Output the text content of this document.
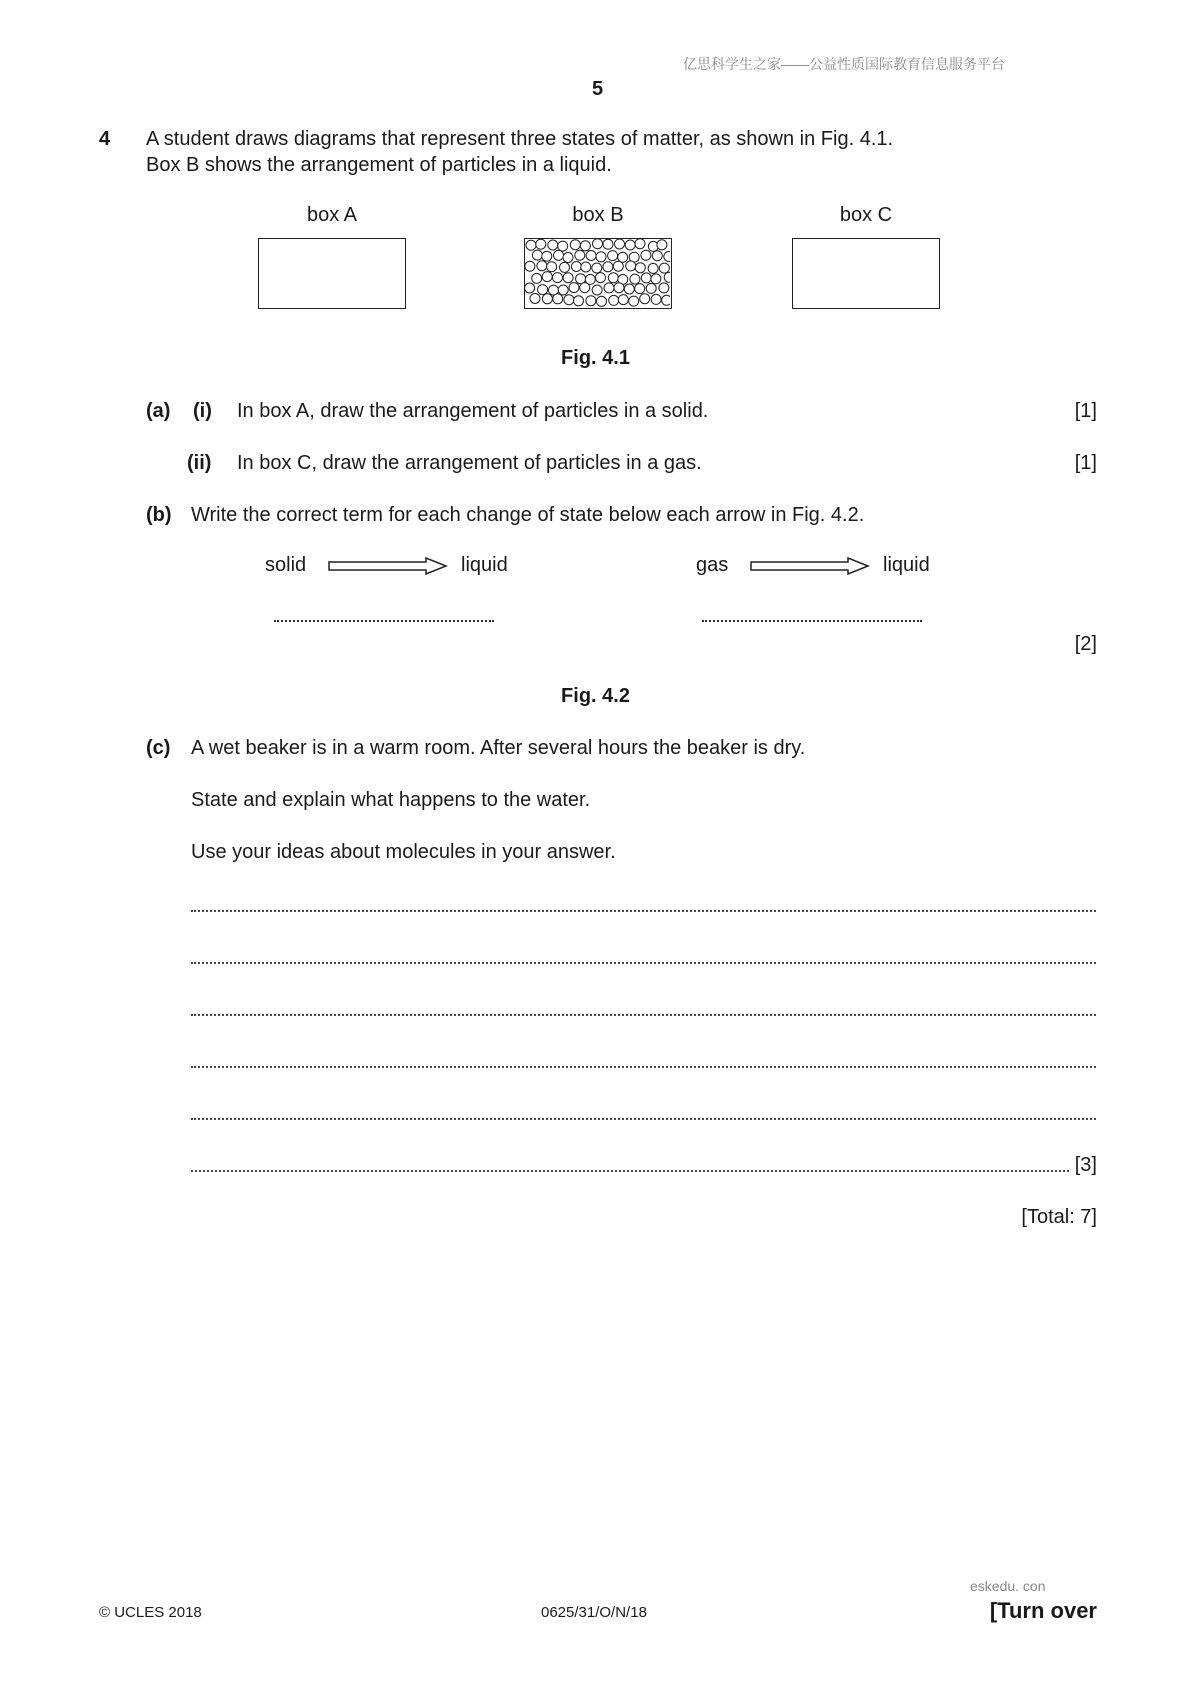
亿思科学生之家——公益性质国际教育信息服务平台
5
4 A student draws diagrams that represent three states of matter, as shown in Fig. 4.1.
Box B shows the arrangement of particles in a liquid.
box A	box B	box C
Fig. 4.1
(a) (i) In box A, draw the arrangement of particles in a solid.	[1]
(ii) In box C, draw the arrangement of particles in a gas.	[1]
(b) Write the correct term for each change of state below each arrow in Fig. 4.2.
solid	liquid	gas	liquid
[2]
Fig. 4.2
(c) A wet beaker is in a warm room. After several hours the beaker is dry.
State and explain what happens to the water.
Use your ideas about molecules in your answer.
[3]
[Total: 7]
eskedu. con
© UCLES 2018	0625/31/O/N/18	[Turn over
